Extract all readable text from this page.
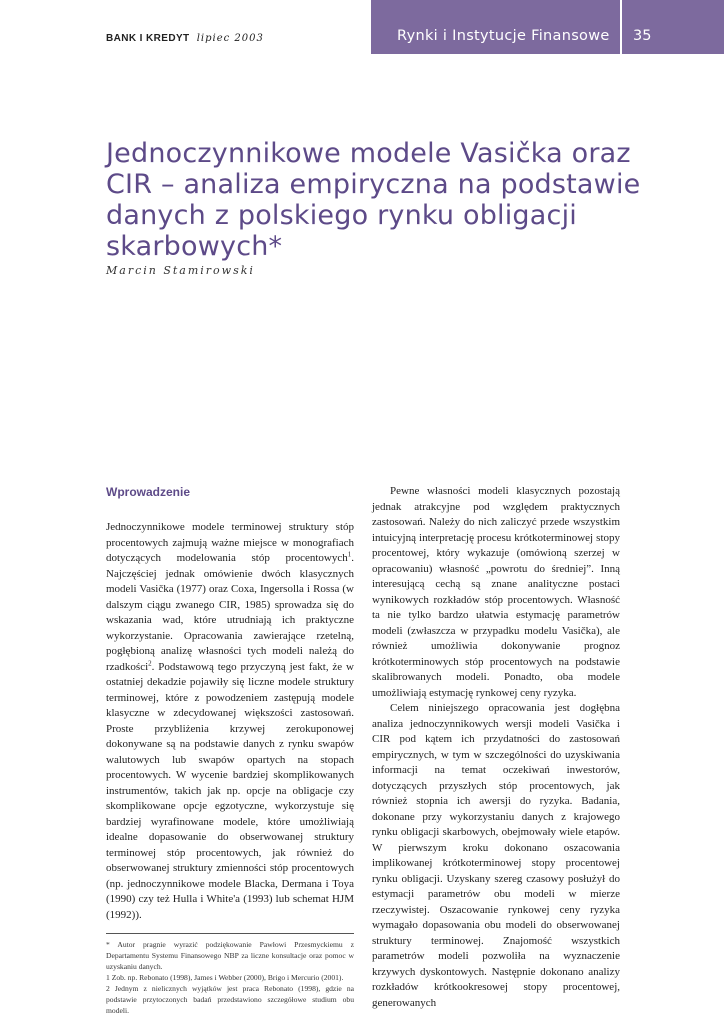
BANK I KREDYT lipiec 2003	Rynki i Instytucje Finansowe 35
Jednoczynnikowe modele Vasička oraz CIR – analiza empiryczna na podstawie danych z polskiego rynku obligacji skarbowych*

Marcin Stamirowski

Wprowadzenie

Jednoczynnikowe modele terminowej struktury stóp procentowych zajmują ważne miejsce w monografiach dotyczących modelowania stóp procentowych$^1$. Najczęściej jednak omówienie dwóch klasycznych modeli Vasička (1977) oraz Coxa, Ingersolla i Rossa (w dalszym ciągu zwanego CIR, 1985) sprowadza się do wskazania wad, które utrudniają ich praktyczne wykorzystanie. Opracowania zawierające rzetelną, pogłębioną analizę własności tych modeli należą do rzadkości$^2$. Podstawową tego przyczyną jest fakt, że w ostatniej dekadzie pojawiły się liczne modele struktury terminowej, które z powodzeniem zastępują modele klasyczne w zdecydowanej większości zastosowań. Proste przybliżenia krzywej zerokuponowej dokonywane są na podstawie danych z rynku swapów walutowych lub swapów opartych na stopach procentowych. W wycenie bardziej skomplikowanych instrumentów, takich jak np. opcje na obligacje czy skomplikowane opcje egzotyczne, wykorzystuje się bardziej wyrafinowane modele, które umożliwiają idealne dopasowanie do obserwowanej struktury terminowej stóp procentowych, jak również do obserwowanej struktury zmienności stóp procentowych (np. jednoczynnikowe modele Blacka, Dermana i Toya (1990) czy też Hulla i White'a (1993) lub schemat HJM (1992)).

* Autor pragnie wyrazić podziękowanie Pawłowi Przesmyckiemu z Departamentu Systemu Finansowego NBP za liczne konsultacje oraz pomoc w uzyskaniu danych.
1 Zob. np. Rebonato (1998), James i Webber (2000), Brigo i Mercurio (2001).
2 Jednym z nielicznych wyjątków jest praca Rebonato (1998), gdzie na podstawie przytoczonych badań przedstawiono szczegółowe studium obu modeli.

Pewne własności modeli klasycznych pozostają jednak atrakcyjne pod względem praktycznych zastosowań. Należy do nich zaliczyć przede wszystkim intuicyjną interpretację procesu krótkoterminowej stopy procentowej, który wykazuje (omówioną szerzej w opracowaniu) własność „powrotu do średniej”. Inną interesującą cechą są znane analityczne postaci wynikowych rozkładów stóp procentowych. Własność ta nie tylko bardzo ułatwia estymację parametrów modeli (zwłaszcza w przypadku modelu Vasička), ale również umożliwia dokonywanie prognoz krótkoterminowych stóp procentowych na podstawie skalibrowanych modeli. Ponadto, oba modele umożliwiają estymację rynkowej ceny ryzyka.

Celem niniejszego opracowania jest dogłębna analiza jednoczynnikowych wersji modeli Vasička i CIR pod kątem ich przydatności do zastosowań empirycznych, w tym w szczególności do uzyskiwania informacji na temat oczekiwań inwestorów, dotyczących przyszłych stóp procentowych, jak również stopnia ich awersji do ryzyka. Badania, dokonane przy wykorzystaniu danych z krajowego rynku obligacji skarbowych, obejmowały wiele etapów. W pierwszym kroku dokonano oszacowania implikowanej krótkoterminowej stopy procentowej rynku obligacji. Uzyskany szereg czasowy posłużył do estymacji parametrów obu modeli w mierze rzeczywistej. Oszacowanie rynkowej ceny ryzyka wymagało dopasowania obu modeli do obserwowanej struktury terminowej. Znajomość wszystkich parametrów modeli pozwoliła na wyznaczenie krzywych dyskontowych. Następnie dokonano analizy rozkładów krótkookresowej stopy procentowej, generowanych
